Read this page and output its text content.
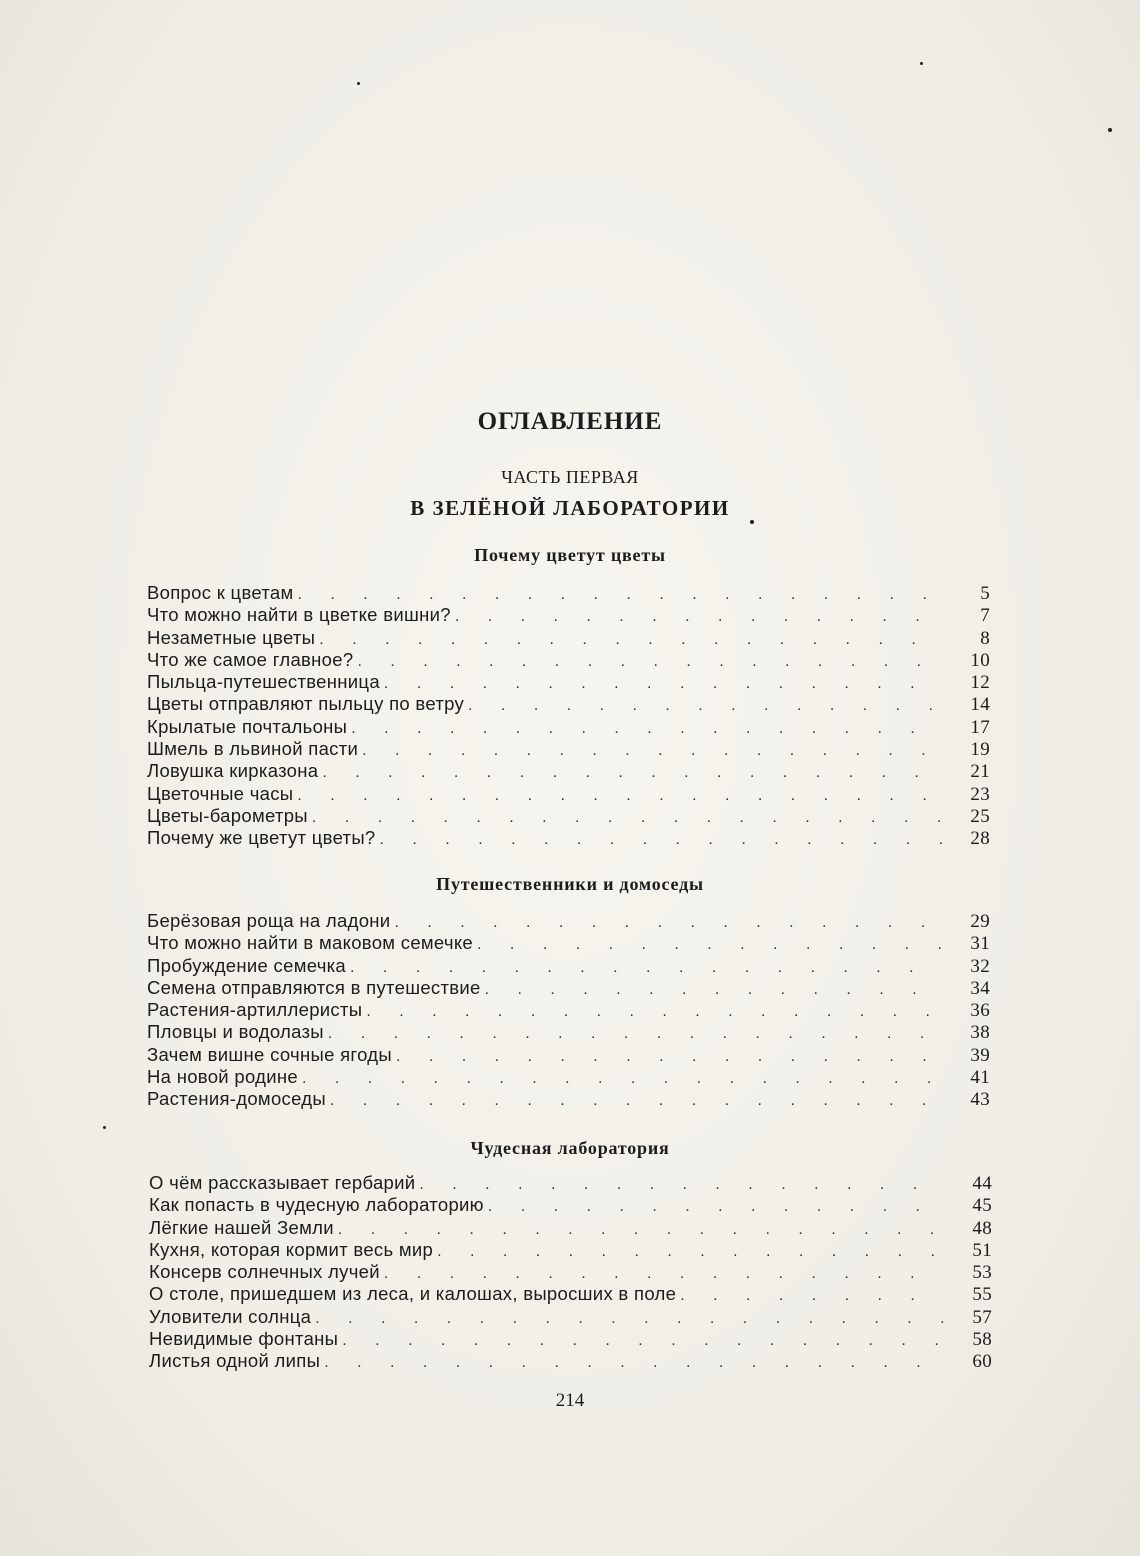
ОГЛАВЛЕНИЕ
ЧАСТЬ ПЕРВАЯ
В ЗЕЛЁНОЙ ЛАБОРАТОРИИ
Почему цветут цветы
Вопрос к цветам . . .	5
Что можно найти в цветке вишни? . . .	7
Незаметные цветы . . .	8
Что же самое главное? . . .	10
Пыльца-путешественница . . .	12
Цветы отправляют пыльцу по ветру . . .	14
Крылатые почтальоны . . .	17
Шмель в львиной пасти . . .	19
Ловушка кирказона . . .	21
Цветочные часы . . .	23
Цветы-барометры . . .	25
Почему же цветут цветы? . . .	28
Путешественники и домоседы
Берёзовая роща на ладони . . .	29
Что можно найти в маковом семечке . . .	31
Пробуждение семечка . . .	32
Семена отправляются в путешествие . . .	34
Растения-артиллеристы . . .	36
Пловцы и водолазы . . .	38
Зачем вишне сочные ягоды . . .	39
На новой родине . . .	41
Растения-домоседы . . .	43
Чудесная лаборатория
О чём рассказывает гербарий . . .	44
Как попасть в чудесную лабораторию . . .	45
Лёгкие нашей Земли . . .	48
Кухня, которая кормит весь мир . . .	51
Консерв солнечных лучей . . .	53
О столе, пришедшем из леса, и калошах, выросших в поле . . .	55
Уловители солнца . . .	57
Невидимые фонтаны . . .	58
Листья одной липы . . .	60
214
